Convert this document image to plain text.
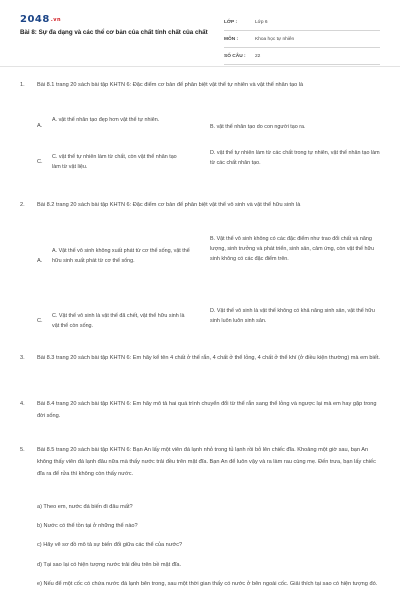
2048.vn
Bài 8: Sự đa dạng và các thể cơ bản của chất tính chất của chất
LỚP :	Lớp 6
MÔN :	Khoa học tự nhiên
SỐ CÂU :	22
1.	Bài 8.1 trang 20 sách bài tập KHTN 6: Đặc điểm cơ bản để phân biệt vật thể tự nhiên và vật thể nhân tạo là
A.
A. vật thể nhân tạo đẹp hơn vật thể tự nhiên.
B. vật thể nhân tạo do con người tạo ra.
C.
C. vật thể tự nhiên làm từ chất, còn vật thể nhân tạo làm từ vật liệu.
D. vật thể tự nhiên làm từ các chất trong tự nhiên, vật thể nhân tạo làm từ các chất nhân tạo.
2.	Bài 8.2 trang 20 sách bài tập KHTN 6: Đặc điểm cơ bản để phân biệt vật thể vô sinh và vật thể hữu sinh là
A.
A. Vật thể vô sinh không xuất phát từ cơ thể sống, vật thể hữu sinh xuất phát từ cơ thể sống.
B. Vật thể vô sinh không có các đặc điểm như trao đổi chất và năng lượng, sinh trưởng và phát triển, sinh sản, cảm ứng, còn vật thể hữu sinh không có các đặc điểm trên.
C.
C. Vật thể vô sinh là vật thể đã chết, vật thể hữu sinh là vật thể còn sống.
D. Vật thể vô sinh là vật thể không có khả năng sinh sản, vật thể hữu sinh luôn luôn sinh sản.
3.	Bài 8.3 trang 20 sách bài tập KHTN 6: Em hãy kể tên 4 chất ở thể rắn, 4 chất ở thể lỏng, 4 chất ở thể khí (ở điều kiện thường) mà em biết.
4.	Bài 8.4 trang 20 sách bài tập KHTN 6: Em hãy mô tả hai quá trình chuyển đổi từ thể rắn sang thể lỏng và ngược lại mà em hay gặp trong đời sống.
5.	Bài 8.5 trang 20 sách bài tập KHTN 6: Bạn An lấy một viên đá lạnh nhỏ trong tủ lạnh rồi bỏ lên chiếc đĩa. Khoảng một giờ sau, bạn An không thấy viên đá lạnh đâu nữa mà thấy nước trải đều trên mặt đĩa. Bạn An để luôn vậy và ra làm rau cùng mẹ. Đến trưa, bạn lấy chiếc đĩa ra để rửa thì không còn thấy nước.
a) Theo em, nước đá biến đi đâu mất?
b) Nước có thể tồn tại ở những thể nào?
c) Hãy vẽ sơ đồ mô tả sự biến đổi giữa các thể của nước?
d) Tại sao lại có hiện tượng nước trải đều trên bề mặt đĩa.
e) Nếu để một cốc có chứa nước đá lạnh bên trong, sau một thời gian thấy có nước ở bên ngoài cốc. Giải thích tại sao có hiện tượng đó.
